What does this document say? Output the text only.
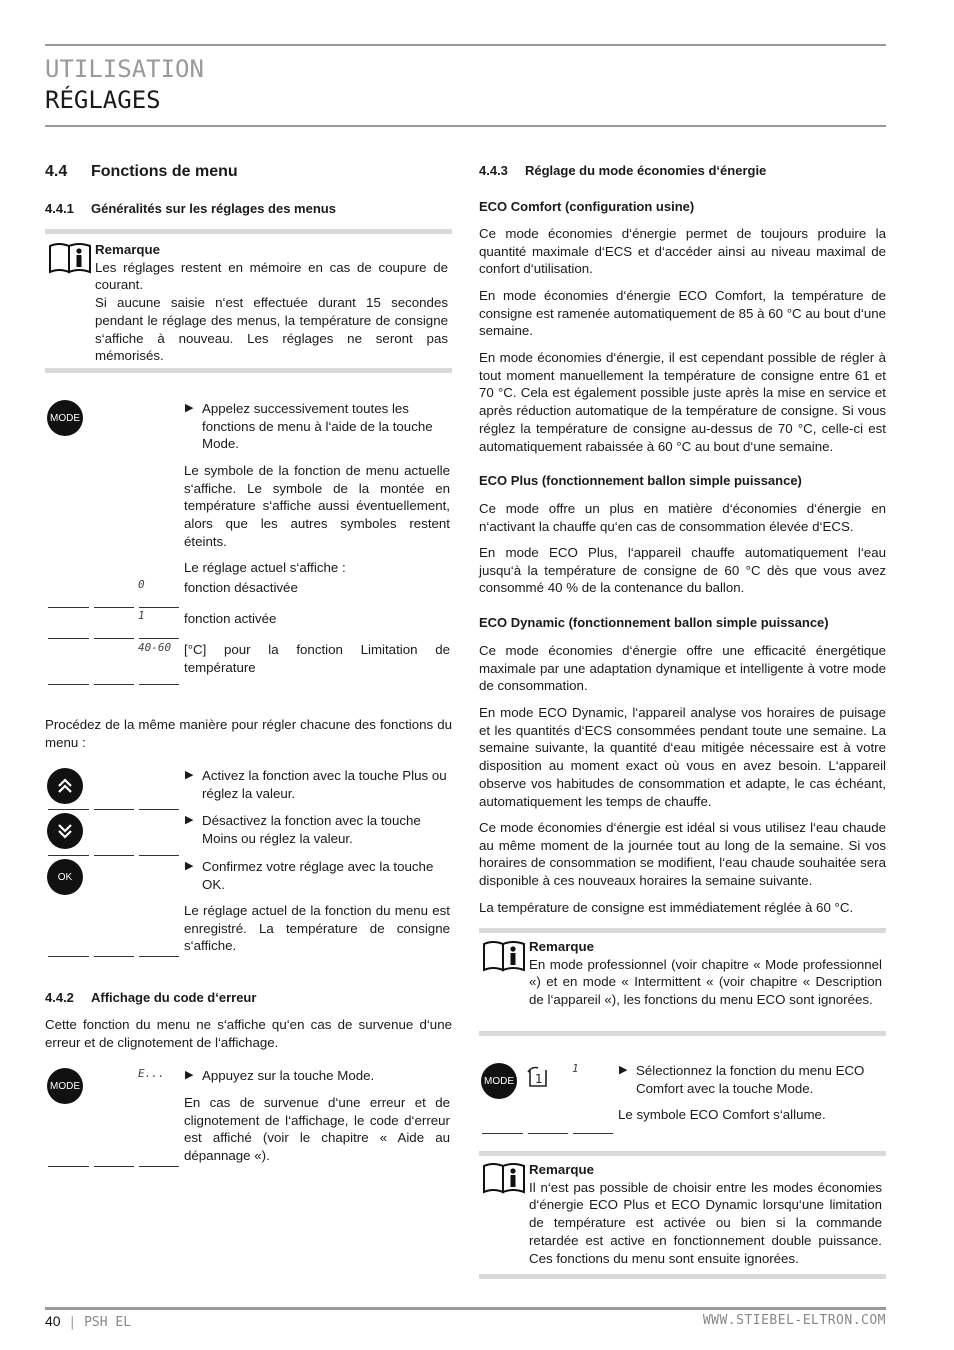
UTILISATION
RÉGLAGES
4.4 Fonctions de menu
4.4.1 Généralités sur les réglages des menus
Remarque

Les réglages restent en mémoire en cas de coupure de courant.

Si aucune saisie n‘est effectuée durant 15 secondes pendant le réglage des menus, la température de consigne s‘affiche à nouveau. Les réglages ne seront pas mémorisés.

MODE
▶ Appelez successivement toutes les fonctions de menu à l‘aide de la touche Mode.

Le symbole de la fonction de menu actuelle s‘affiche. Le symbole de la montée en température s‘affiche aussi éventuellement, alors que les autres symboles restent éteints.

Le réglage actuel s‘affiche :

0	fonction désactivée

1	fonction activée

40-60 [°C] pour la fonction Limitation de température

Procédez de la même manière pour régler chacune des fonctions du menu :

OK
▶ Activez la fonction avec la touche Plus ou réglez la valeur.
▶ Désactivez la fonction avec la touche Moins ou réglez la valeur.
▶ Confirmez votre réglage avec la touche OK.

Le réglage actuel de la fonction du menu est enregistré. La température de consigne s‘affiche.

4.4.2 Affichage du code d‘erreur

Cette fonction du menu ne s‘affiche qu‘en cas de survenue d‘une erreur et de clignotement de l‘affichage.

MODE
E... ▶ Appuyez sur la touche Mode.

En cas de survenue d‘une erreur et de clignotement de l‘affichage, le code d‘erreur est affiché (voir le chapitre « Aide au dépannage «).

4.4.3 Réglage du mode économies d‘énergie
ECO Comfort (configuration usine)

Ce mode économies d‘énergie permet de toujours produire la quantité maximale d‘ECS et d‘accéder ainsi au niveau maximal de confort d‘utilisation.

En mode économies d‘énergie ECO Comfort, la température de consigne est ramenée automatiquement de 85 à 60 °C au bout d‘une semaine.

En mode économies d‘énergie, il est cependant possible de régler à tout moment manuellement la température de consigne entre 61 et 70 °C. Cela est également possible juste après la mise en service et après réduction automatique de la température de consigne. Si vous réglez la température de consigne au-dessus de 70 °C, celle-ci est automatiquement rabaissée à 60 °C au bout d‘une semaine.

ECO Plus (fonctionnement ballon simple puissance)

Ce mode offre un plus en matière d‘économies d‘énergie en n‘activant la chauffe qu‘en cas de consommation élevée d‘ECS.

En mode ECO Plus, l‘appareil chauffe automatiquement l‘eau jusqu‘à la température de consigne de 60 °C dès que vous avez consommé 40 % de la contenance du ballon.

ECO Dynamic (fonctionnement ballon simple puissance)

Ce mode économies d‘énergie offre une efficacité énergétique maximale par une adaptation dynamique et intelligente à votre mode de consommation.

En mode ECO Dynamic, l‘appareil analyse vos horaires de puisage et les quantités d‘ECS consommées pendant toute une semaine. La semaine suivante, la quantité d‘eau mitigée nécessaire est à votre disposition au moment exact où vous en avez besoin. L‘appareil observe vos habitudes de consommation et adapte, le cas échéant, automatiquement les temps de chauffe.

Ce mode économies d‘énergie est idéal si vous utilisez l‘eau chaude au même moment de la journée tout au long de la semaine. Si vos horaires de consommation se modifient, l‘eau chaude souhaitée sera disponible à ces nouveaux horaires la semaine suivante.

La température de consigne est immédiatement réglée à 60 °C.

Remarque

En mode professionnel (voir chapitre « Mode professionnel «) et en mode « Intermittent « (voir chapitre « Description de l‘appareil «), les fonctions du menu ECO sont ignorées.

MODE 1
1	▶ Sélectionnez la fonction du menu ECO Comfort avec la touche Mode.

Le symbole ECO Comfort s‘allume.

Remarque

Il n‘est pas possible de choisir entre les modes économies d‘énergie ECO Plus et ECO Dynamic lorsqu‘une limitation de température est activée ou bien si la commande retardée est active en fonctionnement double puissance. Ces fonctions du menu sont ensuite ignorées.

40 | PSH EL	WWW.STIEBEL-ELTRON.COM
